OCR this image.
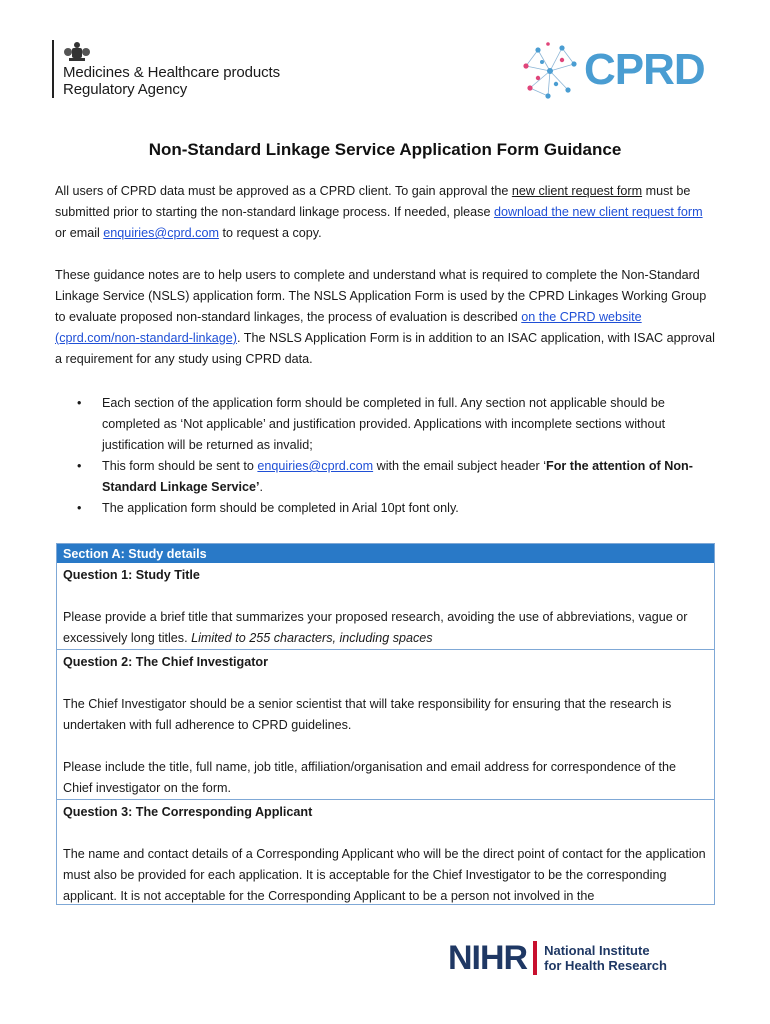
Medicines & Healthcare products
Regulatory Agency	CPRD
Non-Standard Linkage Service Application Form Guidance
All users of CPRD data must be approved as a CPRD client. To gain approval the new client request form must be submitted prior to starting the non-standard linkage process. If needed, please download the new client request form or email enquiries@cprd.com to request a copy.
These guidance notes are to help users to complete and understand what is required to complete the Non-Standard Linkage Service (NSLS) application form. The NSLS Application Form is used by the CPRD Linkages Working Group to evaluate proposed non-standard linkages, the process of evaluation is described on the CPRD website (cprd.com/non-standard-linkage). The NSLS Application Form is in addition to an ISAC application, with ISAC approval a requirement for any study using CPRD data.
• Each section of the application form should be completed in full. Any section not applicable should be completed as ‘Not applicable’ and justification provided. Applications with incomplete sections without justification will be returned as invalid;
• This form should be sent to enquiries@cprd.com with the email subject header ‘For the attention of Non-Standard Linkage Service’.
• The application form should be completed in Arial 10pt font only.
Section A: Study details
Question 1: Study Title
Please provide a brief title that summarizes your proposed research, avoiding the use of abbreviations, vague or excessively long titles. Limited to 255 characters, including spaces
Question 2: The Chief Investigator
The Chief Investigator should be a senior scientist that will take responsibility for ensuring that the research is undertaken with full adherence to CPRD guidelines.
Please include the title, full name, job title, affiliation/organisation and email address for correspondence of the Chief investigator on the form.
Question 3: The Corresponding Applicant
The name and contact details of a Corresponding Applicant who will be the direct point of contact for the application must also be provided for each application. It is acceptable for the Chief Investigator to be the corresponding applicant. It is not acceptable for the Corresponding Applicant to be a person not involved in the
NIHR National Institute
for Health Research
